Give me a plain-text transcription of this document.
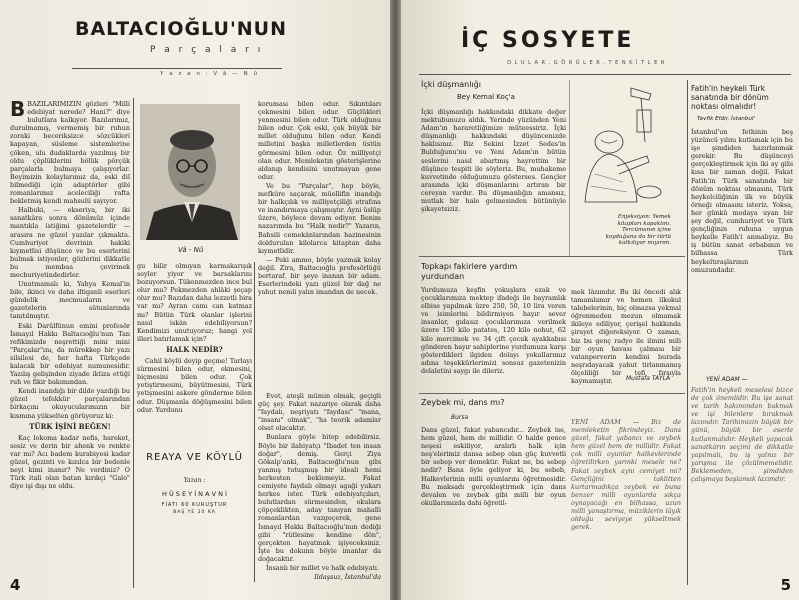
BALTACIOĞLU'NUN
P a r ç a l a r ı
Y a z a n : V â — N û
Vâ - Nû

BBAZILARIMIZIN gözleri "Milli edebiyat nerede? Hani?" diye bulutlara kalkıyor. Bazılarımız, durulmamış, vermemiş bir ruhun zoraki beceriksizce sözcükleri kapayan, süsleme sistemlerine çöken, ulu dudaklarda yazılmış bir oldu çöplüklerini bölük pörçük parçalarla bulmaya çalışıyorlar. Beyimizin kolaylarımız da, eski dil bilmediği için adaptörler gibi romanlarımız aceleciliği rafta bekletmiş kendi mahsulü sayıyor.

Halbuki, — ekseriya, bir iki sanatkâra sonra dönümüz içinde mantıkla istiğimi gazetelerdir — arasıra ne güzel yazılar çıkmakta. Cumhuriyet devrinin hakiki kıymetlisi düşünce ve bu eserlerini bulmak istiyenler, gözlerini dikkatle bu membaa çevirmek mecburiyetindedirler.

Unutmamalı ki, Yahya Kemal'in bile, ikinci ve daha iltiganli eserleri gündelik mecmuaların ve gazetelerin sütunlarında tanıtılmıştır.

Eski Darülfünun emini profesör İsmayıl Hakkı Baltacıoğlu'nun Tan refikimizde neşrettiği mini mini "Parçalar"ını, da mürekkep bir yazı silsilesi de, her hafta Türkçede kalacak bir edebiyat numunesidir. Yazılış gelişinden ziyade iktiza ettiği ruh ve fikir bakımından.

Kendi inandığı bir dilde yazdığı bu güzel tefekkür parçalarından birkaçını okuyucularımızın bir kısmına yükselten görüyoruz ki:

TÜRK İŞİNİ BEĞEN!

Kaç lokoma kadar nefis, hareket, sesiz ve derin bir ahenk ve renkte var mı? Acı badem kurabiyesi kadar güzel, gezinti ve kızılca bir bedenle neyi kimi inanır? Ne verdiniz? O Türk itali olan batan kırıkçi "Galo" diye işi dışı ne oldu.

koruması bilen odur. Sıkıntıları çekmesini bilen odur. Güçlükleri yenmesini bilen odur. Türk olduğunu bilen odur. Çok eski, çok büyük bir millet olduğunu bilen odur. Kendi milletini başka milletlerden üstün görmesini bilen odur. Öz milliyetçi olan odur. Memleketin gösterişlerine aldanıp kendisini unutmayan gene odur.

Ve bu "Parçalar", hep böyle, mefkûre saçarak, müellifin inandığı bir halkçılık ve milliyetçiliği etrafına ve inandırmaya çalışmıştır. Ayni üslûp üzere, böylece devam ediyor. Benim nazarımda bu "Halk nedir?" Yazarın, Bahsili cemekânlarından hazinesinin doldurulan kilolarca kitaptan daha kıymetlidir.

— Peki ammo, böyle yazmak kolay değil. Zira, Baltacıoğlu profesörlüğü bertaraf, bir şeye inanan bir adam. Eserlerindeki yazı güzel bir dağ ne yahut nemli yalın imandan de necek.

gu bilir olmıyan karmakarışık seyler yiyor ve barsaklarını bozuyorsun. Tükenmezden ince bul olur mu? Pekmezden ahlâki şeçap olur mu? Bazıdan daha lezzetli bira var mı? Ayran camı can katmaz mı? Bütün Türk olanlar işlerini nasıl iskân edebiliyorsun? Kendimizi unutuyoruz; hangi yol illeri batırlamak için?

HALK NEDİR?

Cahil köylü deyip geçme! Tarlayı sürmesini bilen odur, ekmesini, biçmesini bilen odur. Çok yetiştirmesini, büyütmesini, Türk yetişmesini askere gönderme bilen odur. Düşmanla döğüşmesini bilen odur. Yurdunu

Evet, ateşli mümin olmak, geçigli güç şey. Fakat nazariye olarak daha "faydalı, neşriyatı "faydası" "mana, "insanı" olmak", "ha teorik adamlar olsat olacaktır.

Bunlara göyle bitep edebilirsiz. Böyle bir ilahiyatçı "Ibadet ten insan doğar", demiş. Gerçi Ziya Gökalp'anki, Baltacıoğlu'nun gibi yanmış tutuşmuş bir ideali hemi herkesten beklemeyiz. Fakat cemiyete faydalı olmayı agaği yukarı herkes ister. Türk edebiyatçıları, bulutlardan sürmesinden, okulara çöpçeklikten, aday tanıyan mahalli romanlardan vazgeçerek, gene İsmayıl Hakkı Baltacıoğlu'nun dediği gibi "rütlesine kendine dön", gerçekten hayatmak işiyeceksiniz. İşte bu dokunn böyle imanlar da doğacaktır.

İnsanlı bir millet ve halk edebiyatı.

Ildaşsuz, İstanbul'da

REAYA VE KÖYLÜ
Yazan :
H Ü S E Y İ N A V N İ
FİATI 60 KURUŞTUR
BAŞ YE 20 KA
4
İÇ SOSYETE
O L U L A R , G Ö R Ü L E R , T E N K İ T L E R
İçki düşmanlığı
Bey Kemal Koç'a
İçki düşmanlığı hakkındaki dikkate değer mektubunuzu aldık. Yerinde yüzünden Yeni Adam'ın hararetliğimize müteessiriz. İçki düşmanlığı hakkındaki düşüncenizde haklısınız. Biz Sekini İzzet Sedes'in Bulduğunu'nu ve Yeni Adam'ın bütün seslerini nasıl abartmış hayrettim bir düşünce tespiti ile söyleriz. Bu, muhakeme kuvvetinde olduğumuzu gösterses. Gençler arasında içki düşmanlarını artıran bir cereyan vardır. Bu düşmanlığın amansız, mutlak bir hale gelmesinden bütünüyle şikayetsiziz.
Enjeksiyon: Yemek kitapları kapaklını. Tercümanın içine koyduğuna da bir türlü katkılıyor mıyırım.
Topkapı fakirlere yardım yurdundan
Yurdumuza keşfin yokuşlara ezak ve çocuklarımıza mektep ifadeği ile bayramlık elbise yapılmak üzre 250, 50, 10 lira veren ve isimlerini bildirmiyen hayır sever insanlar, gıdasız çocuklarımıza verilmek üzere 150 kilo patates, 120 kilo nohut, 62 kilo mercimek ve 34 çift çocuk ayakkabısı gönderen hayır sahiplerine yurdumuza karşı gösterdikleri ilgiden dolayı yokullarımız adına teşekkürlerimizi sonsuz gazetenizin delaletini saygı ile dileriz.
mek lâzımdır. Bu iki öncedi alık tamamlamır ve hemen ilkokul talebelerinin, hiç olmazsa yekmal öğrenmeden mezun olmamak ikileye ediliyor, çerişel hakkında şirayet diğereksiyor. O zaman, biz bu genç radyo ile ilmini mili bir oyun havası çalması bir vatanperverin kendini burada neşrıdayacak yahut tirlanmamış ölçeliliği bir tefi fırsıyla kaymamıştır.	Mustafa TAYLA
Zeybek mi, dans mı?
Bursa
Dans güzel, fakat yabancıdır... Zeybek ise, hem güzel, hem de millidir. O halde gence neşesi eskiliyor, aralırlı halk için neş'elerimiz dansa sebep olan güç kuvvetli bir sebep ver demektir. Fakat ne, bu sebep nedir? Bana öyle geliyor ki, bu sebeb, Halkevlerinin milli oyunlarını öğretmesidir. Bu maksadı gerçekleştirmek için dans devalen ve zeybek gibi milli bir oyun okullarımızda dahi öğretil-
YENİ ADAM — Biz de memleketin fikrindeyiz. Dans güzel, fakat yabancı ve zeybek hem güzel hem de millidir. Fakat çok milli oyunlar halkevlerinde öğretilirken yarınki mesele ne? Fakat zeybek aynı cemiyet mi? Gençliğini taklitten kurtarmadıkça zeybek ve buna benzer milli oyunlarda sıkça oynayacağı en bilhassa, uzun milli yanaştırma, müziklerin lâyık olduğu seviyeye yükseltmek gerek.
Fatih'in heykeli Türk sanatında bir dönüm noktası olmalıdır!
Tevfik Efdir, İstanbul'
İstanbul'un fethinin beş yüzüncü yılını kutlamak için bu işe şimdiden hazırlanmak gerekir. Bu düşünceyi gerçekleştirmek için iki ay gibi kısa bir zaman değil. Fakat Fatih'in Türk sanatında bir dönüm noktası olmasını, Türk heykelciliğinin ilk ve büyük örneği olmasını isteriz. Yoksa, her günkü modaya uyan bir şey değil, cumhuriyet ve Türk gençliğinin ruhuna uygun heykelle Fatih'i anmalıyız. Bu iş bütün sanat erbabının ve bilhassa Türk heykeltıraşlarının omuzundadır.
YENİ ADAM —
Fatih'in heykeli meselesi bizce de çok önemlidir. Bu işe sanat ve tarih bakımından bakmak ve işi bilenlere bırakmak lazımdır. Tarihimizin büyük bir günü, büyük bir eserle kutlanmalıdır. Heykeli yapacak sanatkârın seçimi de dikkatle yapılmalı, bu iş yalnız bir yarışma ile çözülmemelidir. Beklemeden, şimdiden çalışmaya başlamak lazımdır.
5
